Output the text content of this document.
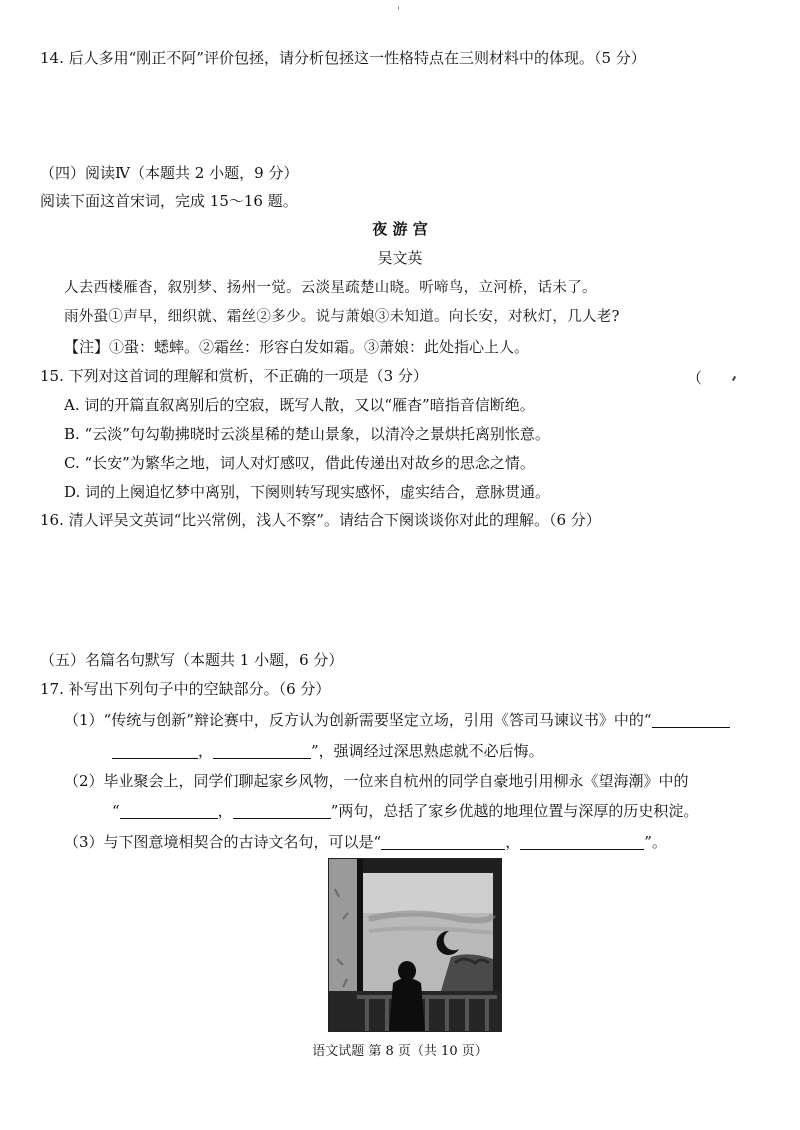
14. 后人多用“刚正不阿”评价包拯，请分析包拯这一性格特点在三则材料中的体现。（5 分）
（四）阅读Ⅳ（本题共 2 小题，9 分）
阅读下面这首宋词，完成 15～16 题。
夜 游 宫
吴文英
人去西楼雁杳，叙别梦、扬州一觉。云淡星疏楚山晓。听啼鸟，立河桥，话未了。
雨外蛩①声早，细织就、霜丝②多少。说与萧娘③未知道。向长安，对秋灯，几人老?
【注】①蛩：蟋蟀。②霜丝：形容白发如霜。③萧娘：此处指心上人。
15. 下列对这首词的理解和赏析，不正确的一项是（3 分）	（
A. 词的开篇直叙离别后的空寂，既写人散，又以“雁杳”暗指音信断绝。
B. “云淡”句勾勒拂晓时云淡星稀的楚山景象，以清冷之景烘托离别怅意。
C. “长安”为繁华之地，词人对灯感叹，借此传递出对故乡的思念之情。
D. 词的上阕追忆梦中离别，下阕则转写现实感怀，虚实结合，意脉贯通。
16. 清人评吴文英词“比兴常例，浅人不察”。请结合下阕谈谈你对此的理解。（6 分）
（五）名篇名句默写（本题共 1 小题，6 分）
17. 补写出下列句子中的空缺部分。（6 分）
（1）“传统与创新”辩论赛中，反方认为创新需要坚定立场，引用《答司马谏议书》中的“
，	”，强调经过深思熟虑就不必后悔。
（2）毕业聚会上，同学们聊起家乡风物，一位来自杭州的同学自豪地引用柳永《望海潮》中的
“	，	”两句，总括了家乡优越的地理位置与深厚的历史积淀。
（3）与下图意境相契合的古诗文名句，可以是“	，	”。
语文试题 第 8 页（共 10 页）
